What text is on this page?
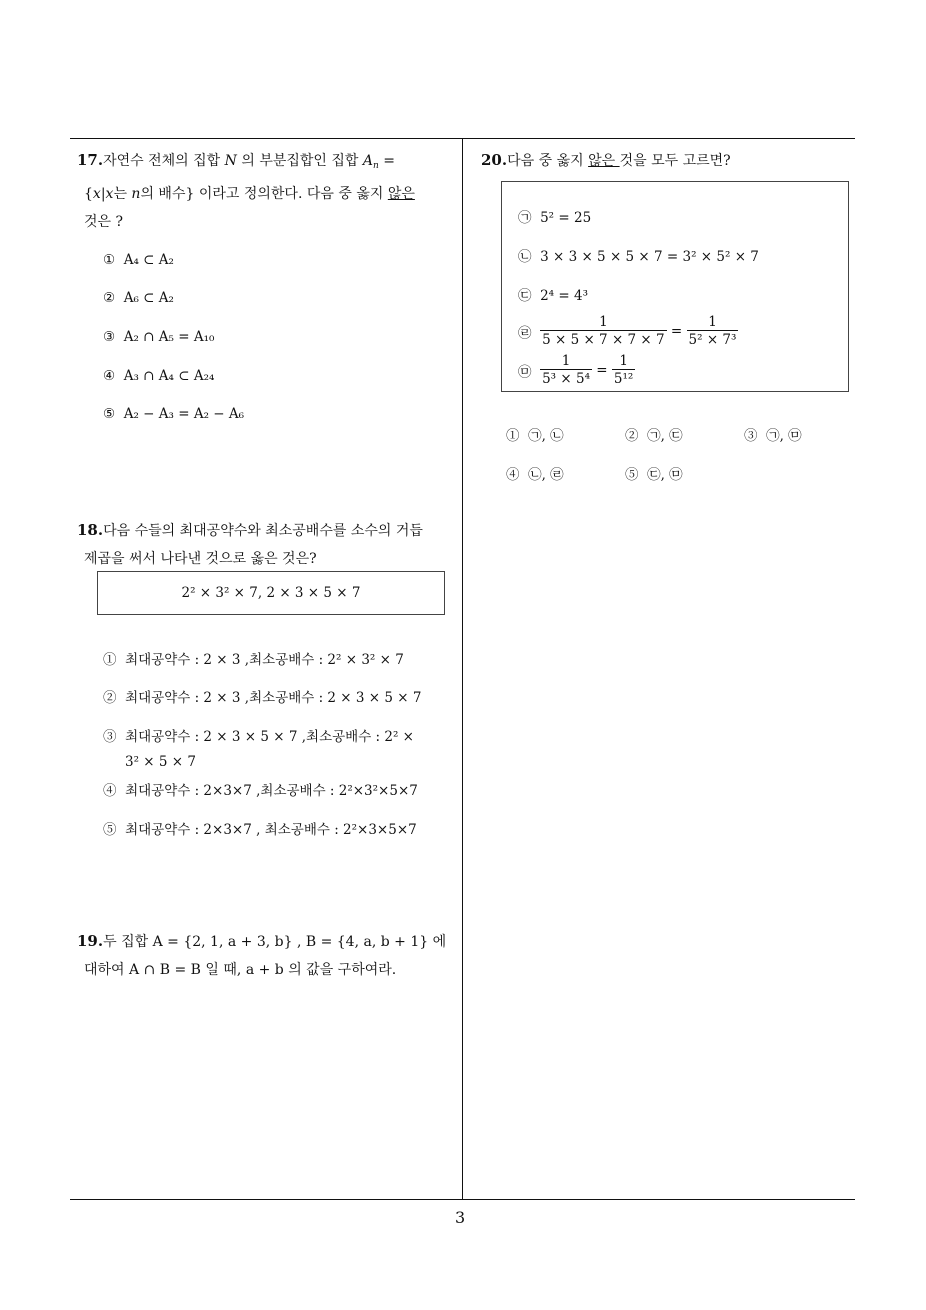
17.자연수 전체의 집합 N 의 부분집합인 집합 $A_n$ =
{x|x는 n의 배수} 이라고 정의한다. 다음 중 옳지 않은
것은 ?
① A₄ ⊂ A₂
② A₆ ⊂ A₂
③ A₂ ∩ A₅ = A₁₀
④ A₃ ∩ A₄ ⊂ A₂₄
⑤ A₂ − A₃ = A₂ − A₆
18.다음 수들의 최대공약수와 최소공배수를 소수의 거듭
제곱을 써서 나타낸 것으로 옳은 것은?
2² × 3² × 7, 2 × 3 × 5 × 7
① 최대공약수 : 2 × 3 ,최소공배수 : 2² × 3² × 7
② 최대공약수 : 2 × 3 ,최소공배수 : 2 × 3 × 5 × 7
③ 최대공약수 : 2 × 3 × 5 × 7 ,최소공배수 : 2² ×
3² × 5 × 7
④ 최대공약수 : 2×3×7 ,최소공배수 : 2²×3²×5×7
⑤ 최대공약수 : 2×3×7 , 최소공배수 : 2²×3×5×7
19.두 집합 A = {2, 1, a + 3, b} , B = {4, a, b + 1} 에
대하여 A ∩ B = B 일 때, a + b 의 값을 구하여라.
20.다음 중 옳지 않은 것을 모두 고르면?
㉠ 5² = 25
㉡ 3 × 3 × 5 × 5 × 7 = 3² × 5² × 7
㉢ 2⁴ = 4³
㉣ $\frac{1}{5 \times 5 \times 7 \times 7 \times 7} = \frac{1}{\text{5² × 7³}}$
㉤ $\frac{1}{\text{5³ × 5⁴}} = \frac{1}{\text{5¹²}}$
① ㉠, ㉡	② ㉠, ㉢	③ ㉠, ㉤
④ ㉡, ㉣	⑤ ㉢, ㉤
3
